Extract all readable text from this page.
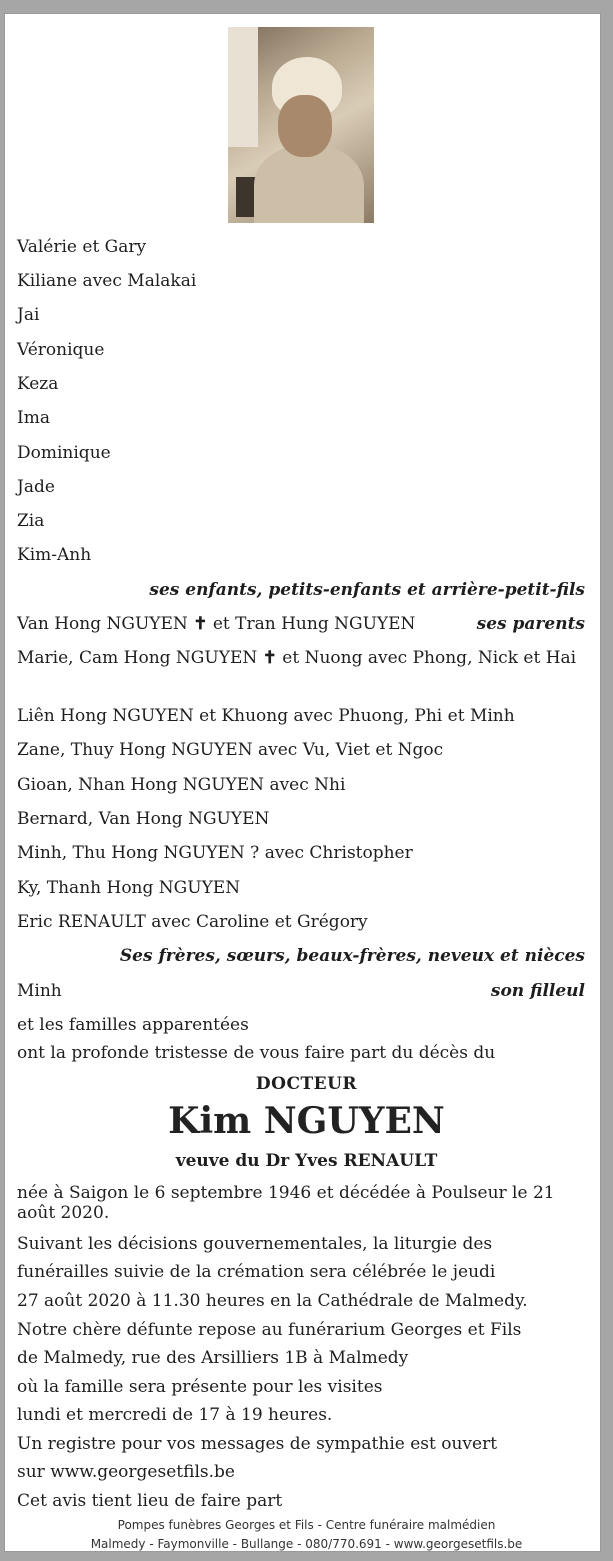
Valérie et Gary
Kiliane avec Malakai
Jai
Véronique
Keza
Ima
Dominique
Jade
Zia
Kim-Anh
ses enfants, petits-enfants et arrière-petit-fils
Van Hong NGUYEN ✝ et Tran Hung NGUYEN	ses parents
Marie, Cam Hong NGUYEN ✝ et Nuong avec Phong, Nick et Hai
Liên Hong NGUYEN et Khuong avec Phuong, Phi et Minh
Zane, Thuy Hong NGUYEN avec Vu, Viet et Ngoc
Gioan, Nhan Hong NGUYEN avec Nhi
Bernard, Van Hong NGUYEN
Minh, Thu Hong NGUYEN ? avec Christopher
Ky, Thanh Hong NGUYEN
Eric RENAULT avec Caroline et Grégory
Ses frères, sœurs, beaux-frères, neveux et nièces
Minh	son filleul
et les familles apparentées
ont la profonde tristesse de vous faire part du décès du
DOCTEUR
Kim NGUYEN
veuve du Dr Yves RENAULT
née à Saigon le 6 septembre 1946 et décédée à Poulseur le 21 août 2020.
Suivant les décisions gouvernementales, la liturgie des
funérailles suivie de la crémation sera célébrée le jeudi
27 août 2020 à 11.30 heures en la Cathédrale de Malmedy.
Notre chère défunte repose au funérarium Georges et Fils
de Malmedy, rue des Arsilliers 1B à Malmedy
où la famille sera présente pour les visites
lundi et mercredi de 17 à 19 heures.
Un registre pour vos messages de sympathie est ouvert
sur www.georgesetfils.be
Cet avis tient lieu de faire part
Pompes funèbres Georges et Fils - Centre funéraire malmédien
Malmedy - Faymonville - Bullange - 080/770.691 - www.georgesetfils.be
